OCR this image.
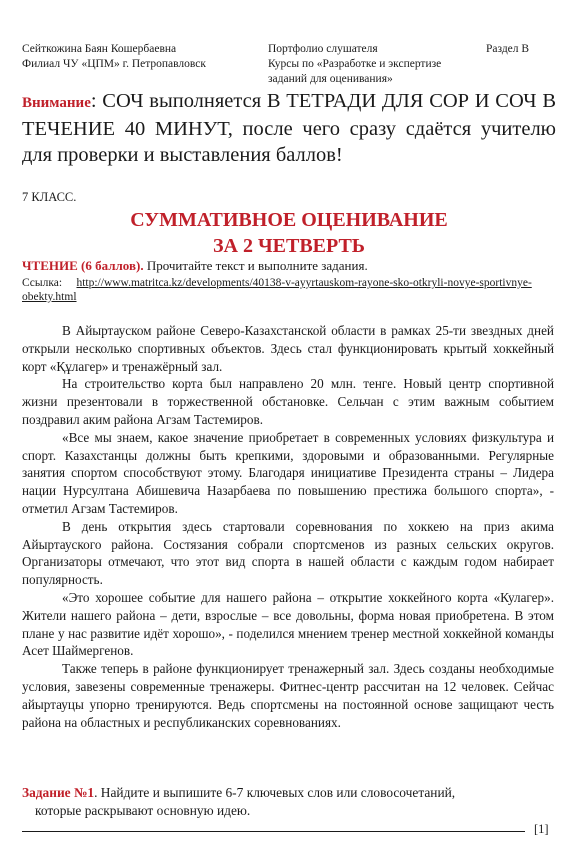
Сейткожина Баян Кошербаевна
Филиал ЧУ «ЦПМ» г. Петропавловск
Портфолио слушателя
Курсы по «Разработке и экспертизе
заданий для оценивания»
Раздел В
Внимание: СОЧ выполняется В ТЕТРАДИ ДЛЯ СОР И СОЧ В ТЕЧЕНИЕ 40 МИНУТ, после чего сразу сдаётся учителю для проверки и выставления баллов!
7 КЛАСС.
СУММАТИВНОЕ ОЦЕНИВАНИЕ
ЗА 2 ЧЕТВЕРТЬ
ЧТЕНИЕ (6 баллов). Прочитайте текст и выполните задания.
Ссылка: http://www.matritca.kz/developments/40138-v-ayyrtauskom-rayone-sko-otkryli-novye-sportivnye-obekty.html

В Айыртауском районе Северо-Казахстанской области в рамках 25-ти звездных дней открыли несколько спортивных объектов. Здесь стал функционировать крытый хоккейный корт «Құлагер» и тренажёрный зал.

На строительство корта был направлено 20 млн. тенге. Новый центр спортивной жизни презентовали в торжественной обстановке. Сельчан с этим важным событием поздравил аким района Агзам Тастемиров.

«Все мы знаем, какое значение приобретает в современных условиях физкультура и спорт. Казахстанцы должны быть крепкими, здоровыми и образованными. Регулярные занятия спортом способствуют этому. Благодаря инициативе Президента страны – Лидера нации Нурсултана Абишевича Назарбаева по повышению престижа большого спорта», - отметил Агзам Тастемиров.

В день открытия здесь стартовали соревнования по хоккею на приз акима Айыртауского района. Состязания собрали спортсменов из разных сельских округов. Организаторы отмечают, что этот вид спорта в нашей области с каждым годом набирает популярность.

«Это хорошее событие для нашего района – открытие хоккейного корта «Кулагер». Жители нашего района – дети, взрослые – все довольны, форма новая приобретена. В этом плане у нас развитие идёт хорошо», - поделился мнением тренер местной хоккейной команды Асет Шаймергенов.

Также теперь в районе функционирует тренажерный зал. Здесь созданы необходимые условия, завезены современные тренажеры. Фитнес-центр рассчитан на 12 человек. Сейчас айыртауцы упорно тренируются. Ведь спортсмены на постоянной основе защищают честь района на областных и республиканских соревнованиях.

Задание №1. Найдите и выпишите 6-7 ключевых слов или словосочетаний,
которые раскрывают основную идею.
[1]
